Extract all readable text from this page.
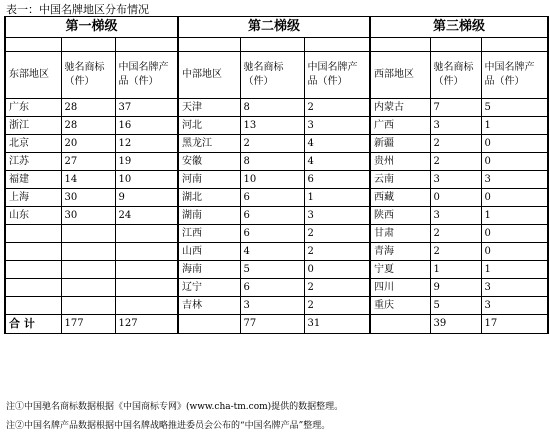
表一：中国名牌地区分布情况
第一梯级			第二梯级			第三梯级		

东部地区	驰名商标（件）	中国名牌产品（件）	中部地区	驰名商标（件）	中国名牌产品（件）	西部地区	驰名商标（件）	中国名牌产品（件）
广东	28	37	天津	8	2	内蒙古	7	5
浙江	28	16	河北	13	3	广西	3	1
北京	20	12	黑龙江	2	4	新疆	2	0
江苏	27	19	安徽	8	4	贵州	2	0
福建	14	10	河南	10	6	云南	3	3
上海	30	9	湖北	6	1	西藏	0	0
山东	30	24	湖南	6	3	陕西	3	1
			江西	6	2	甘肃	2	0
			山西	4	2	青海	2	0
			海南	5	0	宁夏	1	1
			辽宁	6	2	四川	9	3
			吉林	3	2	重庆	5	3
合 计	177	127		77	31		39	17
注①中国驰名商标数据根据《中国商标专网》(www.cha-tm.com)提供的数据整理。
注②中国名牌产品数据根据中国名牌战略推进委员会公布的“中国名牌产品”整理。
